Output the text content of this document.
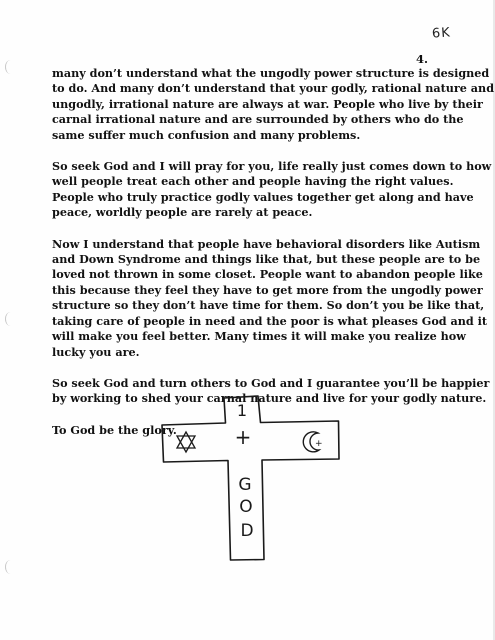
6K
4.
many don’t understand what the ungodly power structure is designed
to do. And many don’t understand that your godly, rational nature and
ungodly, irrational nature are always at war. People who live by their
carnal irrational nature and are surrounded by others who do the
same suffer much confusion and many problems.
So seek God and I will pray for you, life really just comes down to how
well people treat each other and people having the right values.
People who truly practice godly values together get along and have
peace, worldly people are rarely at peace.
Now I understand that people have behavioral disorders like Autism
and Down Syndrome and things like that, but these people are to be
loved not thrown in some closet. People want to abandon people like
this because they feel they have to get more from the ungodly power
structure so they don’t have time for them. So don’t you be like that,
taking care of people in need and the poor is what pleases God and it
will make you feel better. Many times it will make you realize how
lucky you are.
So seek God and turn others to God and I guarantee you’ll be happier
by working to shed your carnal nature and live for your godly nature.

To God be the glory.

+
1
+
G
O
D
